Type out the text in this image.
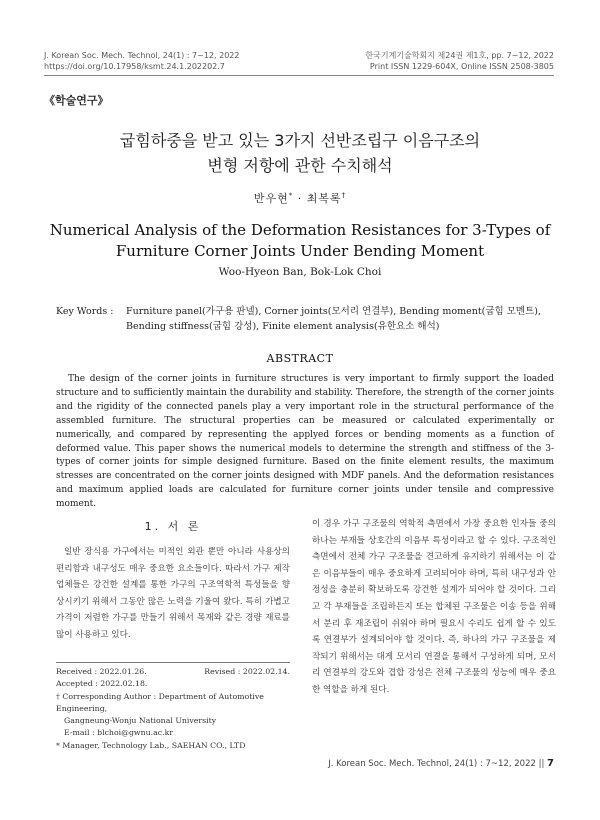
J. Korean Soc. Mech. Technol, 24(1) : 7~12, 2022
https://doi.org/10.17958/ksmt.24.1.202202.7
한국기계기술학회지 제24권 제1호, pp. 7~12, 2022
Print ISSN 1229-604X, Online ISSN 2508-3805
《학술연구》
굽힘하중을 받고 있는 3가지 선반조립구 이음구조의
변형 저항에 관한 수치해석
반우현* · 최복록†
Numerical Analysis of the Deformation Resistances for 3-Types of
Furniture Corner Joints Under Bending Moment
Woo-Hyeon Ban, Bok-Lok Choi
Key Words :	Furniture panel(가구용 판넬), Corner joints(모서리 연결부), Bending moment(굽힘 모멘트), Bending stiffness(굽힘 강성), Finite element analysis(유한요소 해석)
ABSTRACT
The design of the corner joints in furniture structures is very important to firmly support the loaded structure and to sufficiently maintain the durability and stability. Therefore, the strength of the corner joints and the rigidity of the connected panels play a very important role in the structural performance of the assembled furniture. The structural properties can be measured or calculated experimentally or numerically, and compared by representing the applyed forces or bending moments as a function of deformed value. This paper shows the numerical models to determine the strength and stiffness of the 3-types of corner joints for simple designed furniture. Based on the finite element results, the maximum stresses are concentrated on the corner joints designed with MDF panels. And the deformation resistances and maximum applied loads are calculated for furniture corner joints under tensile and compressive moment.
1. 서 론
일반 장식용 가구에서는 미적인 외관 뿐만 아니라 사용상의 편리함과 내구성도 매우 중요한 요소들이다. 따라서 가구 제작 업체들은 강건한 설계를 통한 가구의 구조역학적 특성들을 향상시키기 위해서 그동안 많은 노력을 기울여 왔다. 특히 가볍고 가격이 저렴한 가구를 만들기 위해서 목재와 같은 경량 재료를 많이 사용하고 있다.
Received : 2022.01.26.	Revised : 2022.02.14.
Accepted : 2022.02.18.
† Corresponding Author : Department of Automotive Engineering,
Gangneung-Wonju National University
E-mail : blchoi@gwnu.ac.kr
* Manager, Technology Lab., SAEHAN CO., LTD
이 경우 가구 구조물의 역학적 측면에서 가장 중요한 인자들 중의 하나는 부재들 상호간의 이음부 특성이라고 할 수 있다. 구조적인 측면에서 전체 가구 구조물을 견고하게 유지하기 위해서는 이 같은 이음부들이 매우 중요하게 고려되어야 하며, 특히 내구성과 안정성을 충분히 확보하도록 강건한 설계가 되어야 할 것이다. 그리고 각 부재들을 조립하든지 또는 합체된 구조물은 이송 등을 위해서 분리 후 재조립이 쉬워야 하며 필요시 수리도 쉽게 할 수 있도록 연결부가 설계되어야 할 것이다. 즉, 하나의 가구 구조물을 제작되기 위해서는 대게 모서리 연결을 통해서 구성하게 되며, 모서리 연결부의 강도와 겹합 강성은 전체 구조물의 성능에 매우 중요한 역할을 하게 된다.
J. Korean Soc. Mech. Technol, 24(1) : 7~12, 2022 || 7
